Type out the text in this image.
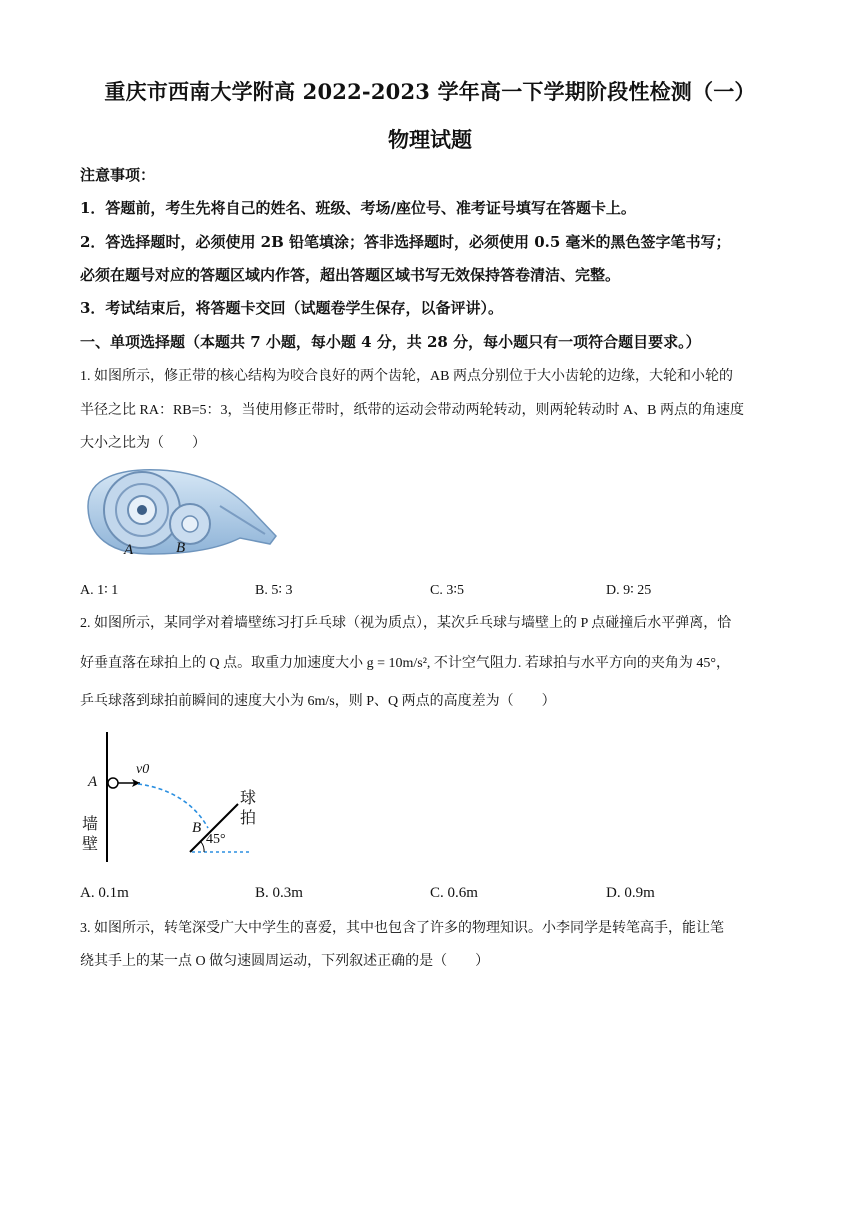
重庆市西南大学附高 2022-2023 学年高一下学期阶段性检测（一）
物理试题
注意事项：
1．答题前，考生先将自己的姓名、班级、考场/座位号、准考证号填写在答题卡上。
2．答选择题时，必须使用 2B 铅笔填涂；答非选择题时，必须使用 0.5 毫米的黑色签字笔书写；
必须在题号对应的答题区域内作答，超出答题区域书写无效保持答卷清洁、完整。
3．考试结束后，将答题卡交回（试题卷学生保存，以备评讲）。
一、单项选择题（本题共 7 小题，每小题 4 分，共 28 分，每小题只有一项符合题目要求。）
1. 如图所示，修正带的核心结构为咬合良好的两个齿轮，AB 两点分别位于大小齿轮的边缘，大轮和小轮的
半径之比 RA：RB=5：3，当使用修正带时，纸带的运动会带动两轮转动，则两轮转动时 A、B 两点的角速度
大小之比为（　　）
A	B
A. 1∶ 1	B. 5∶ 3	C. 3∶5	D. 9∶ 25
2. 如图所示，某同学对着墙壁练习打乒乓球（视为质点），某次乒乓球与墙壁上的 P 点碰撞后水平弹离，恰
好垂直落在球拍上的 Q 点。取重力加速度大小 g = 10m/s², 不计空气阻力. 若球拍与水平方向的夹角为 45°，
乒乓球落到球拍前瞬间的速度大小为 6m/s，则 P、Q 两点的高度差为（　　）
A
v0
B
45°
墙壁
球拍
A. 0.1m	B. 0.3m	C. 0.6m	D. 0.9m
3. 如图所示，转笔深受广大中学生的喜爱，其中也包含了许多的物理知识。小李同学是转笔高手，能让笔
绕其手上的某一点 O 做匀速圆周运动，下列叙述正确的是（　　）
